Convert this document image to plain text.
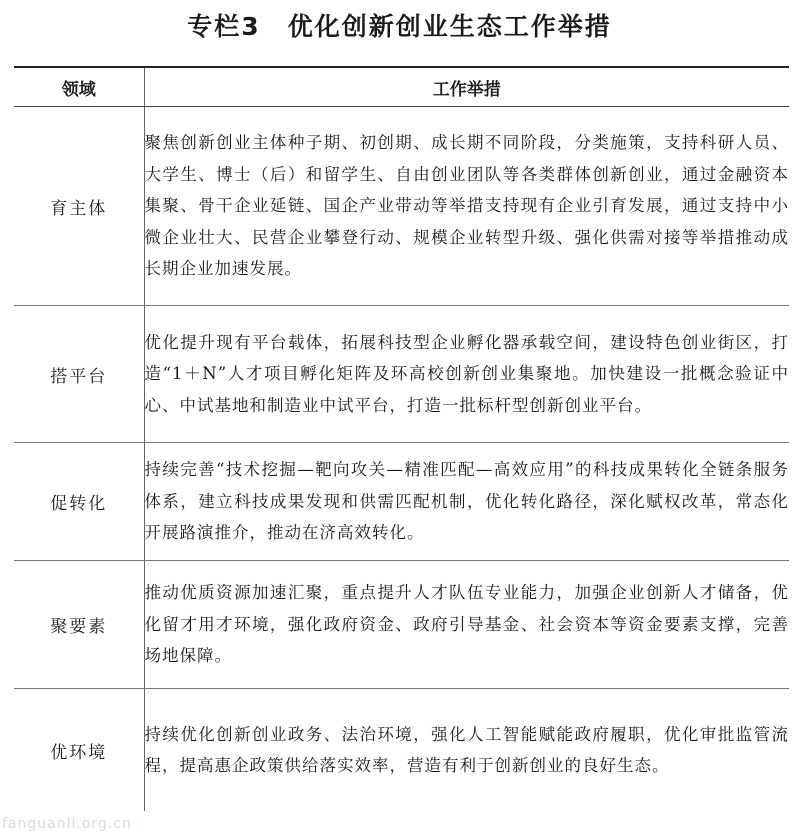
专栏3　优化创新创业生态工作举措
领域	工作举措
育主体	聚焦创新创业主体种子期、初创期、成长期不同阶段，分类施策，支持科研人员、大学生、博士（后）和留学生、自由创业团队等各类群体创新创业，通过金融资本集聚、骨干企业延链、国企产业带动等举措支持现有企业引育发展，通过支持中小微企业壮大、民营企业攀登行动、规模企业转型升级、强化供需对接等举措推动成长期企业加速发展。
搭平台	优化提升现有平台载体，拓展科技型企业孵化器承载空间，建设特色创业街区，打造“1＋N”人才项目孵化矩阵及环高校创新创业集聚地。加快建设一批概念验证中心、中试基地和制造业中试平台，打造一批标杆型创新创业平台。
促转化	持续完善“技术挖掘—靶向攻关—精准匹配—高效应用”的科技成果转化全链条服务体系，建立科技成果发现和供需匹配机制，优化转化路径，深化赋权改革，常态化开展路演推介，推动在济高效转化。
聚要素	推动优质资源加速汇聚，重点提升人才队伍专业能力，加强企业创新人才储备，优化留才用才环境，强化政府资金、政府引导基金、社会资本等资金要素支撑，完善场地保障。
优环境	持续优化创新创业政务、法治环境，强化人工智能赋能政府履职，优化审批监管流程，提高惠企政策供给落实效率，营造有利于创新创业的良好生态。
fanguanli.org.cn
